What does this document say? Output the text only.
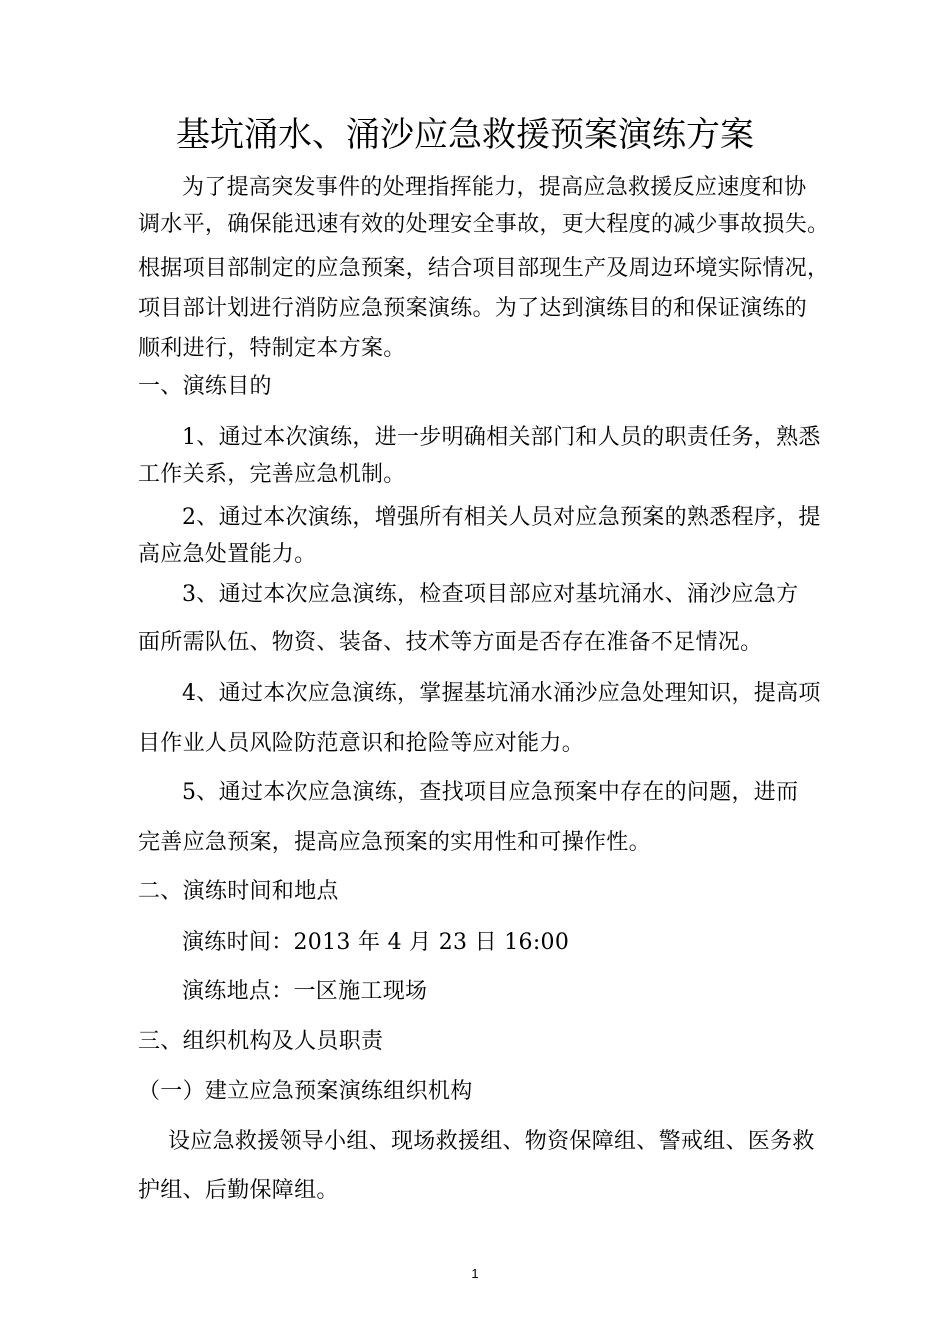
基坑涌水、涌沙应急救援预案演练方案
为了提高突发事件的处理指挥能力，提高应急救援反应速度和协
调水平，确保能迅速有效的处理安全事故，更大程度的减少事故损失。
根据项目部制定的应急预案，结合项目部现生产及周边环境实际情况，
项目部计划进行消防应急预案演练。为了达到演练目的和保证演练的
顺利进行，特制定本方案。
一、演练目的
1、通过本次演练，进一步明确相关部门和人员的职责任务，熟悉
工作关系，完善应急机制。
2、通过本次演练，增强所有相关人员对应急预案的熟悉程序，提
高应急处置能力。
3、通过本次应急演练，检查项目部应对基坑涌水、涌沙应急方
面所需队伍、物资、装备、技术等方面是否存在准备不足情况。
4、通过本次应急演练，掌握基坑涌水涌沙应急处理知识，提高项
目作业人员风险防范意识和抢险等应对能力。
5、通过本次应急演练，查找项目应急预案中存在的问题，进而
完善应急预案，提高应急预案的实用性和可操作性。
二、演练时间和地点
演练时间：2013 年 4 月 23 日 16:00
演练地点：一区施工现场
三、组织机构及人员职责
（一）建立应急预案演练组织机构
设应急救援领导小组、现场救援组、物资保障组、警戒组、医务救
护组、后勤保障组。
1
